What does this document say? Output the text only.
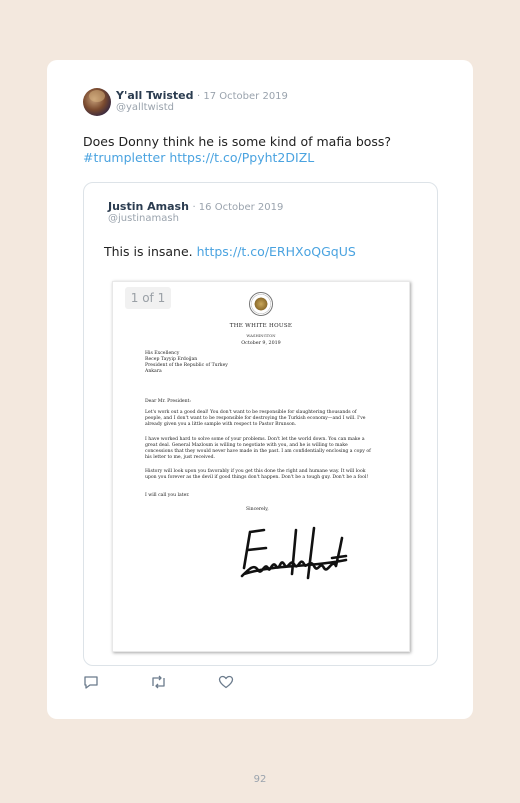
Y'all Twisted · 17 October 2019
@yalltwistd
Does Donny think he is some kind of mafia boss?
#trumpletter https://t.co/Ppyht2DIZL
Justin Amash · 16 October 2019
@justinamash
This is insane. https://t.co/ERHXoQGqUS
1 of 1
THE WHITE HOUSE
WASHINGTON
October 9, 2019
His Excellency
Recep Tayyip Erdoğan
President of the Republic of Turkey
Ankara
Dear Mr. President:
Let's work out a good deal! You don't want to be responsible for slaughtering thousands of people, and I don't want to be responsible for destroying the Turkish economy—and I will. I've already given you a little sample with respect to Pastor Brunson.
I have worked hard to solve some of your problems. Don't let the world down. You can make a great deal. General Mazloum is willing to negotiate with you, and he is willing to make concessions that they would never have made in the past. I am confidentially enclosing a copy of his letter to me, just received.
History will look upon you favorably if you get this done the right and humane way. It will look upon you forever as the devil if good things don't happen. Don't be a tough guy. Don't be a fool!
I will call you later.
Sincerely,
92
